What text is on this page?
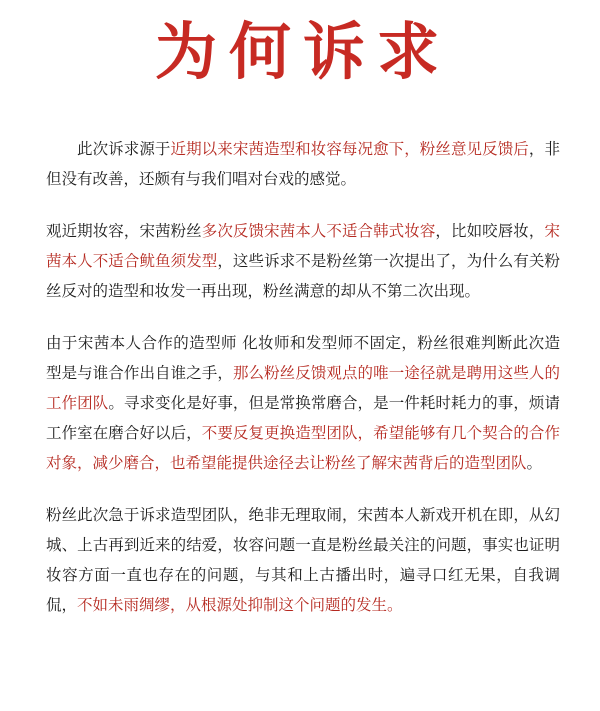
为何诉求

此次诉求源于近期以来宋茜造型和妆容每况愈下，粉丝意见反馈后，非但没有改善，还颇有与我们唱对台戏的感觉。

观近期妆容，宋茜粉丝多次反馈宋茜本人不适合韩式妆容，比如咬唇妆，宋茜本人不适合鱿鱼须发型，这些诉求不是粉丝第一次提出了，为什么有关粉丝反对的造型和妆发一再出现，粉丝满意的却从不第二次出现。

由于宋茜本人合作的造型师 化妆师和发型师不固定，粉丝很难判断此次造型是与谁合作出自谁之手，那么粉丝反馈观点的唯一途径就是聘用这些人的工作团队。寻求变化是好事，但是常换常磨合，是一件耗时耗力的事，烦请工作室在磨合好以后，不要反复更换造型团队，希望能够有几个契合的合作对象，减少磨合，也希望能提供途径去让粉丝了解宋茜背后的造型团队。

粉丝此次急于诉求造型团队，绝非无理取闹，宋茜本人新戏开机在即，从幻城、上古再到近来的结爱，妆容问题一直是粉丝最关注的问题，事实也证明妆容方面一直也存在的问题，与其和上古播出时，遍寻口红无果，自我调侃，不如未雨绸缪，从根源处抑制这个问题的发生。
